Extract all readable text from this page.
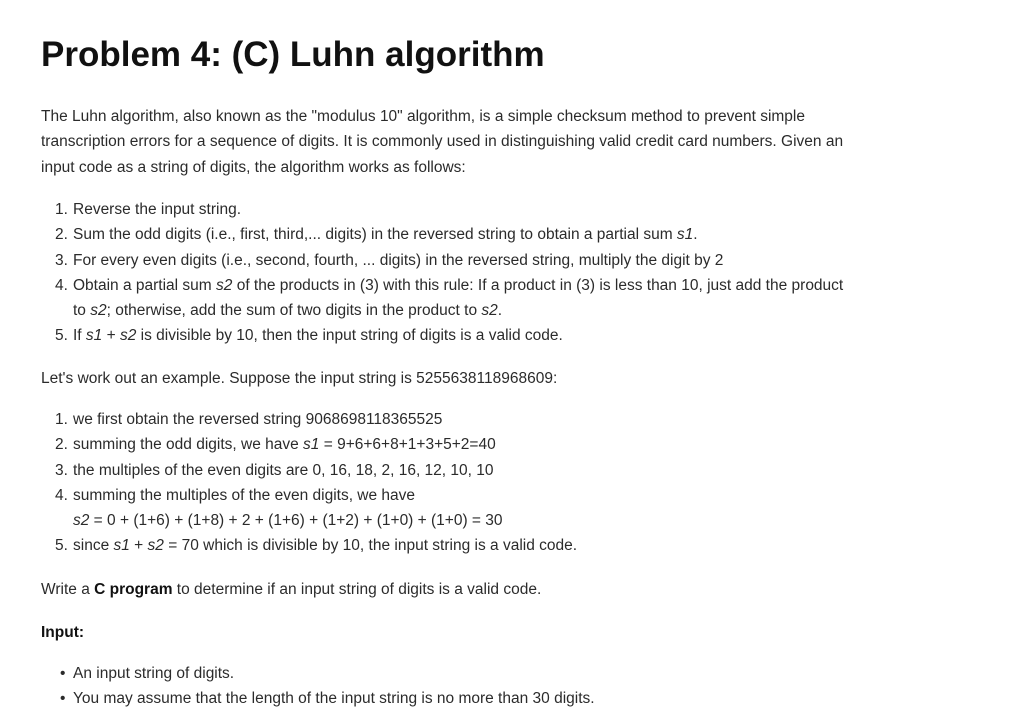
Problem 4: (C) Luhn algorithm

The Luhn algorithm, also known as the "modulus 10" algorithm, is a simple checksum method to prevent simple
transcription errors for a sequence of digits. It is commonly used in distinguishing valid credit card numbers. Given an
input code as a string of digits, the algorithm works as follows:

1. Reverse the input string.
2. Sum the odd digits (i.e., first, third,... digits) in the reversed string to obtain a partial sum s1.
3. For every even digits (i.e., second, fourth, ... digits) in the reversed string, multiply the digit by 2
4. Obtain a partial sum s2 of the products in (3) with this rule: If a product in (3) is less than 10, just add the product
to s2; otherwise, add the sum of two digits in the product to s2.
5. If s1 + s2 is divisible by 10, then the input string of digits is a valid code.

Let's work out an example. Suppose the input string is 5255638118968609:

1. we first obtain the reversed string 9068698118365525
2. summing the odd digits, we have s1 = 9+6+6+8+1+3+5+2=40
3. the multiples of the even digits are 0, 16, 18, 2, 16, 12, 10, 10
4. summing the multiples of the even digits, we have
s2 = 0 + (1+6) + (1+8) + 2 + (1+6) + (1+2) + (1+0) + (1+0) = 30
5. since s1 + s2 = 70 which is divisible by 10, the input string is a valid code.

Write a C program to determine if an input string of digits is a valid code.

Input:

• An input string of digits.
• You may assume that the length of the input string is no more than 30 digits.
